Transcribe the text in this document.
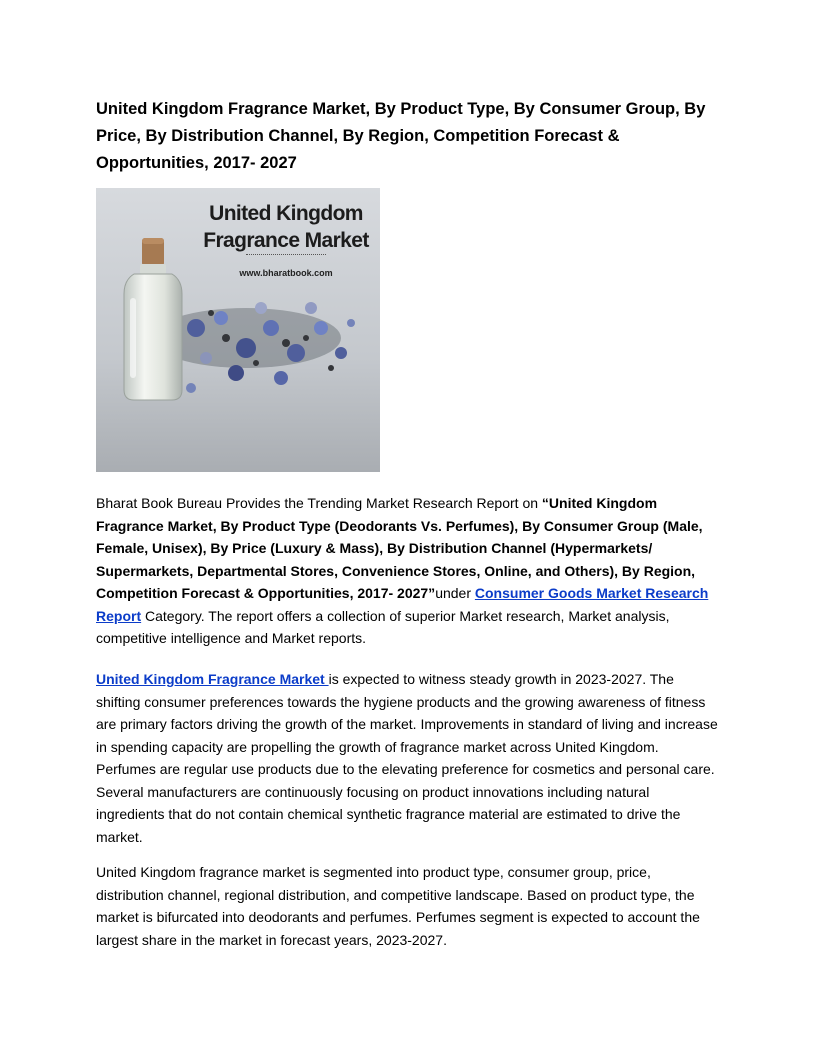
United Kingdom Fragrance Market, By Product Type, By Consumer Group, By Price, By Distribution Channel, By Region, Competition Forecast & Opportunities, 2017- 2027
United Kingdom
Fragrance Market
www.bharatbook.com

Bharat Book Bureau Provides the Trending Market Research Report on “United Kingdom Fragrance Market, By Product Type (Deodorants Vs. Perfumes), By Consumer Group (Male, Female, Unisex), By Price (Luxury & Mass), By Distribution Channel (Hypermarkets/ Supermarkets, Departmental Stores, Convenience Stores, Online, and Others), By Region, Competition Forecast & Opportunities, 2017- 2027”under Consumer Goods Market Research Report Category. The report offers a collection of superior Market research, Market analysis, competitive intelligence and Market reports.

United Kingdom Fragrance Market is expected to witness steady growth in 2023-2027. The shifting consumer preferences towards the hygiene products and the growing awareness of fitness are primary factors driving the growth of the market. Improvements in standard of living and increase in spending capacity are propelling the growth of fragrance market across United Kingdom. Perfumes are regular use products due to the elevating preference for cosmetics and personal care. Several manufacturers are continuously focusing on product innovations including natural ingredients that do not contain chemical synthetic fragrance material are estimated to drive the market.

United Kingdom fragrance market is segmented into product type, consumer group, price, distribution channel, regional distribution, and competitive landscape. Based on product type, the market is bifurcated into deodorants and perfumes. Perfumes segment is expected to account the largest share in the market in forecast years, 2023-2027.
